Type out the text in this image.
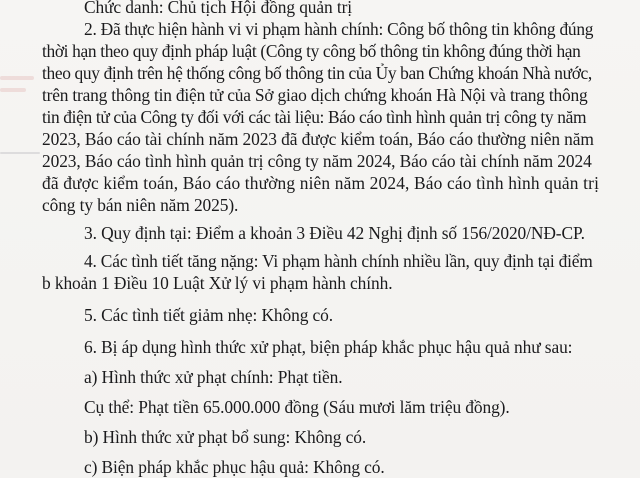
Chức danh: Chủ tịch Hội đồng quản trị
2. Đã thực hiện hành vi vi phạm hành chính: Công bố thông tin không đúng
thời hạn theo quy định pháp luật (Công ty công bố thông tin không đúng thời hạn
theo quy định trên hệ thống công bố thông tin của Ủy ban Chứng khoán Nhà nước,
trên trang thông tin điện tử của Sở giao dịch chứng khoán Hà Nội và trang thông
tin điện tử của Công ty đối với các tài liệu: Báo cáo tình hình quản trị công ty năm
2023, Báo cáo tài chính năm 2023 đã được kiểm toán, Báo cáo thường niên năm
2023, Báo cáo tình hình quản trị công ty năm 2024, Báo cáo tài chính năm 2024
đã được kiểm toán, Báo cáo thường niên năm 2024, Báo cáo tình hình quản trị
công ty bán niên năm 2025).
3. Quy định tại: Điểm a khoản 3 Điều 42 Nghị định số 156/2020/NĐ-CP.
4. Các tình tiết tăng nặng: Vi phạm hành chính nhiều lần, quy định tại điểm
b khoản 1 Điều 10 Luật Xử lý vi phạm hành chính.
5. Các tình tiết giảm nhẹ: Không có.
6. Bị áp dụng hình thức xử phạt, biện pháp khắc phục hậu quả như sau:
a) Hình thức xử phạt chính: Phạt tiền.
Cụ thể: Phạt tiền 65.000.000 đồng (Sáu mươi lăm triệu đồng).
b) Hình thức xử phạt bổ sung: Không có.
c) Biện pháp khắc phục hậu quả: Không có.
